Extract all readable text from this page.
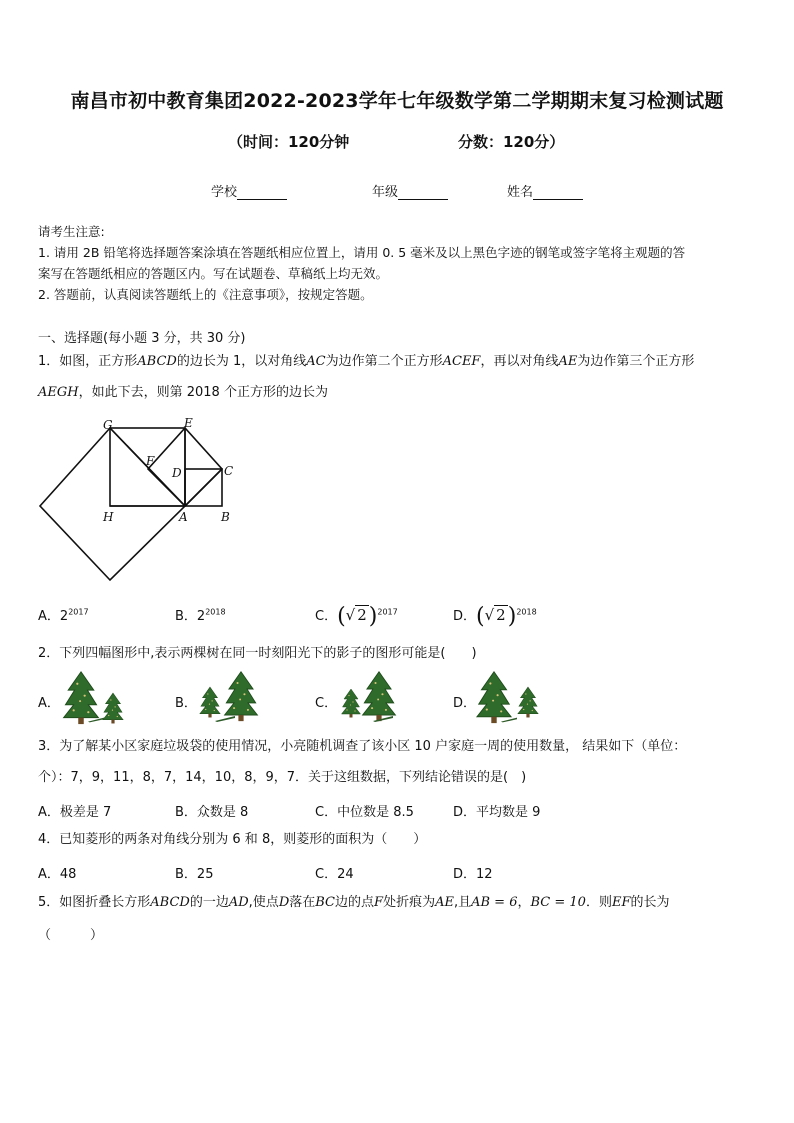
南昌市初中教育集团2022-2023学年七年级数学第二学期期末复习检测试题
（时间：120分钟	分数：120分）
学校	年级	姓名
请考生注意:
1. 请用 2B 铅笔将选择题答案涂填在答题纸相应位置上，请用 0. 5 毫米及以上黑色字迹的钢笔或签字笔将主观题的答
案写在答题纸相应的答题区内。写在试题卷、草稿纸上均无效。
2. 答题前，认真阅读答题纸上的《注意事项》，按规定答题。
一、选择题(每小题 3 分，共 30 分)
1．如图，正方形ABCD的边长为 1，以对角线AC为边作第二个正方形ACEF，再以对角线AE为边作第三个正方形
AEGH，如此下去，则第 2018 个正方形的边长为
G	E
F
D	C
H	A	B
A．$2^{2017}$	B．$2^{2018}$	C．(√ 2)$^{2017}$	D．(√ 2)$^{2018}$
2．下列四幅图形中,表示两棵树在同一时刻阳光下的影子的图形可能是(　　)
A．	B．	C．	D．
3．为了解某小区家庭垃圾袋的使用情况，小亮随机调查了该小区 10 户家庭一周的使用数量， 结果如下（单位：
个）：7，9，11，8，7，14，10，8，9，7．关于这组数据，下列结论错误的是(　)
A．极差是 7	B．众数是 8	C．中位数是 8.5	D．平均数是 9
4．已知菱形的两条对角线分别为 6 和 8，则菱形的面积为（　　）
A．48	B．25	C．24	D．12
5．如图折叠长方形ABCD的一边AD,使点D落在BC边的点F处折痕为AE,且AB = 6，BC = 10．则EF的长为
（　　　）
